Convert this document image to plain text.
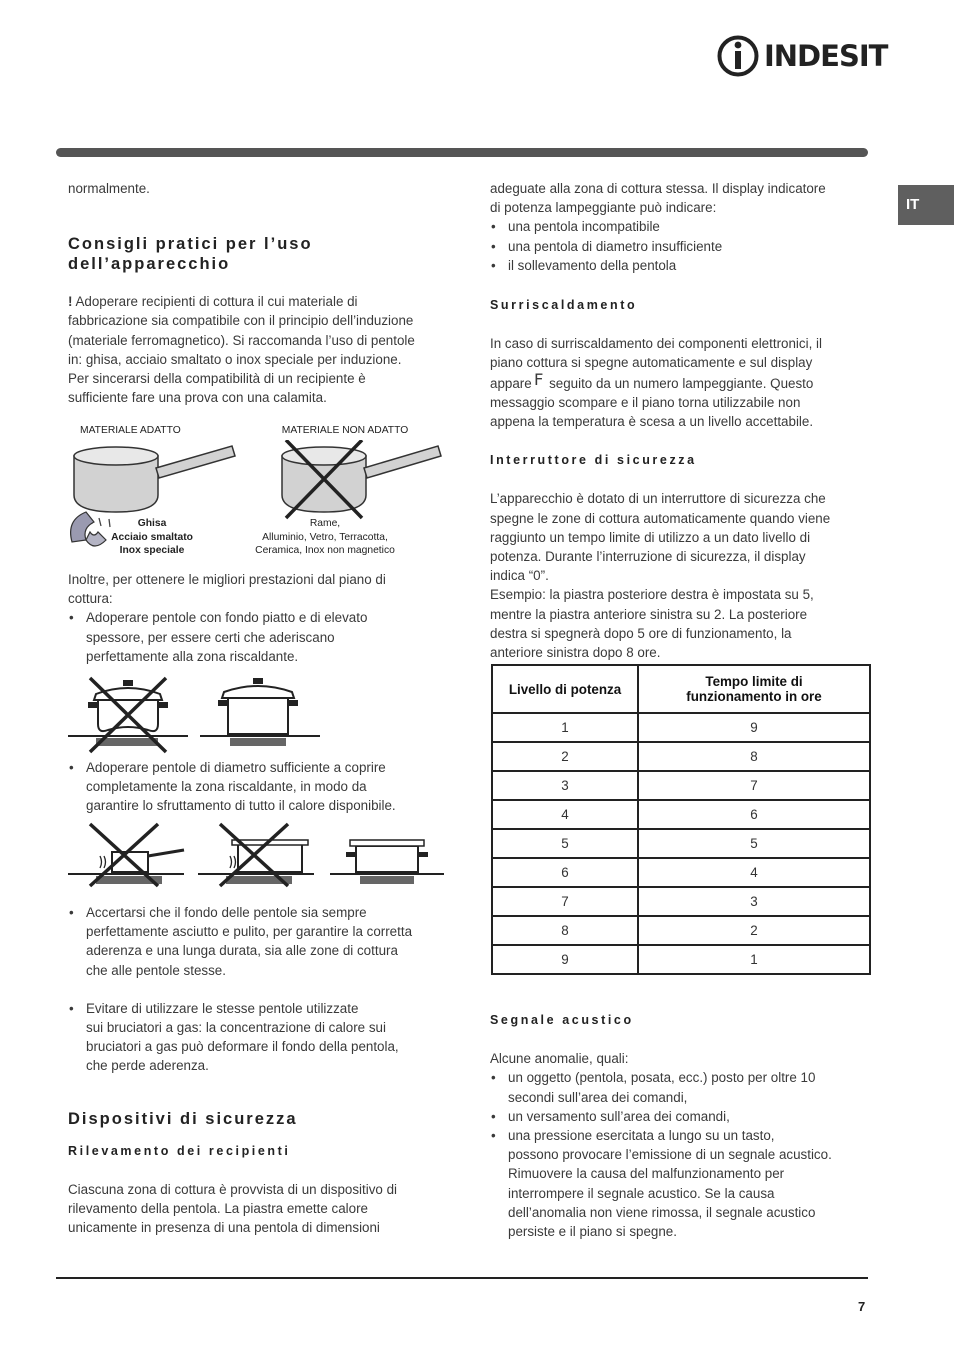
INDESIT
IT

normalmente.

Consigli pratici per l’uso
dell’apparecchio

! Adoperare recipienti di cottura il cui materiale di
fabbricazione sia compatibile con il principio dell’induzione
(materiale ferromagnetico). Si raccomanda l’uso di pentole
in: ghisa, acciaio smaltato o inox speciale per induzione.
Per sincerarsi della compatibilità di un recipiente è
sufficiente fare una prova con una calamita.

MATERIALE ADATTO	MATERIALE NON ADATTO
Ghisa
Acciaio smaltato
Inox speciale
Rame,
Alluminio, Vetro, Terracotta,
Ceramica, Inox non magnetico

Inoltre, per ottenere le migliori prestazioni dal piano di
cottura:

• Adoperare pentole con fondo piatto e di elevato
spessore, per essere certi che aderiscano
perfettamente alla zona riscaldante.
• Adoperare pentole di diametro sufficiente a coprire
completamente la zona riscaldante, in modo da
garantire lo sfruttamento di tutto il calore disponibile.
• Accertarsi che il fondo delle pentole sia sempre
perfettamente asciutto e pulito, per garantire la corretta
aderenza e una lunga durata, sia alle zone di cottura
che alle pentole stesse.
• Evitare di utilizzare le stesse pentole utilizzate
sui bruciatori a gas: la concentrazione di calore sui
bruciatori a gas può deformare il fondo della pentola,
che perde aderenza.
Dispositivi di sicurezza
Rilevamento dei recipienti

Ciascuna zona di cottura è provvista di un dispositivo di
rilevamento della pentola. La piastra emette calore
unicamente in presenza di una pentola di dimensioni

adeguate alla zona di cottura stessa. Il display indicatore
di potenza lampeggiante può indicare:

• una pentola incompatibile
• una pentola di diametro insufficiente
• il sollevamento della pentola
Surriscaldamento

In caso di surriscaldamento dei componenti elettronici, il
piano cottura si spegne automaticamente e sul display
appare F seguito da un numero lampeggiante. Questo
messaggio scompare e il piano torna utilizzabile non
appena la temperatura è scesa a un livello accettabile.

Interruttore di sicurezza

L’apparecchio è dotato di un interruttore di sicurezza che
spegne le zone di cottura automaticamente quando viene
raggiunto un tempo limite di utilizzo a un dato livello di
potenza. Durante l’interruzione di sicurezza, il display
indica “0”.
Esempio: la piastra posteriore destra è impostata su 5,
mentre la piastra anteriore sinistra su 2. La posteriore
destra si spegnerà dopo 5 ore di funzionamento, la
anteriore sinistra dopo 8 ore.

Livello di potenza	Tempo limite di
funzionamento in ore

1	9
2	8
3	7
4	6
5	5
6	4
7	3
8	2
9	1
Segnale acustico

Alcune anomalie, quali:

• un oggetto (pentola, posata, ecc.) posto per oltre 10
secondi sull’area dei comandi,
• un versamento sull’area dei comandi,
• una pressione esercitata a lungo su un tasto,
possono provocare l’emissione di un segnale acustico.
Rimuovere la causa del malfunzionamento per
interrompere il segnale acustico. Se la causa
dell’anomalia non viene rimossa, il segnale acustico
persiste e il piano si spegne.
7
